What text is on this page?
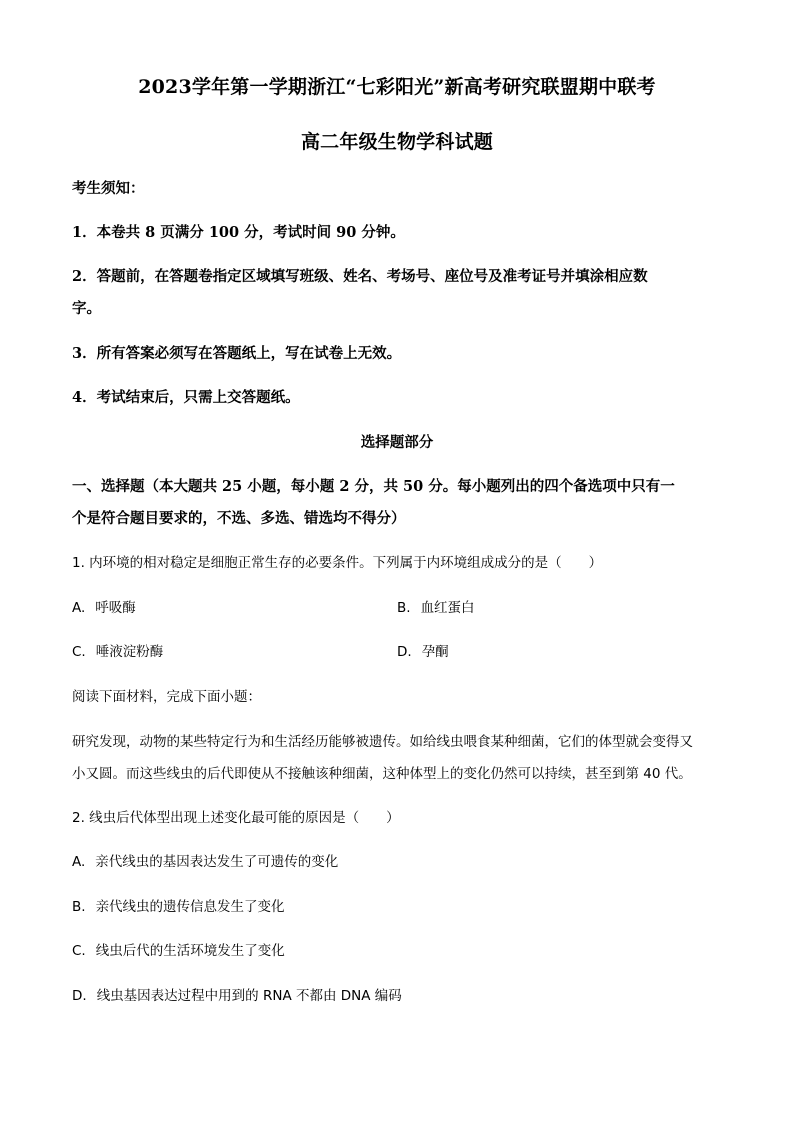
2023学年第一学期浙江“七彩阳光”新高考研究联盟期中联考
高二年级生物学科试题
考生须知：
1．本卷共 8 页满分 100 分，考试时间 90 分钟。
2．答题前，在答题卷指定区域填写班级、姓名、考场号、座位号及准考证号并填涂相应数
字。
3．所有答案必须写在答题纸上，写在试卷上无效。
4．考试结束后，只需上交答题纸。
选择题部分
一、选择题（本大题共 25 小题，每小题 2 分，共 50 分。每小题列出的四个备选项中只有一
个是符合题目要求的，不选、多选、错选均不得分）
1. 内环境的相对稳定是细胞正常生存的必要条件。下列属于内环境组成成分的是（　　）
A. 呼吸酶	B. 血红蛋白
C. 唾液淀粉酶	D. 孕酮
阅读下面材料，完成下面小题：
研究发现，动物的某些特定行为和生活经历能够被遗传。如给线虫喂食某种细菌，它们的体型就会变得又
小又圆。而这些线虫的后代即使从不接触该种细菌，这种体型上的变化仍然可以持续，甚至到第 40 代。
2. 线虫后代体型出现上述变化最可能的原因是（　　）
A. 亲代线虫的基因表达发生了可遗传的变化
B. 亲代线虫的遗传信息发生了变化
C. 线虫后代的生活环境发生了变化
D. 线虫基因表达过程中用到的 RNA 不都由 DNA 编码
